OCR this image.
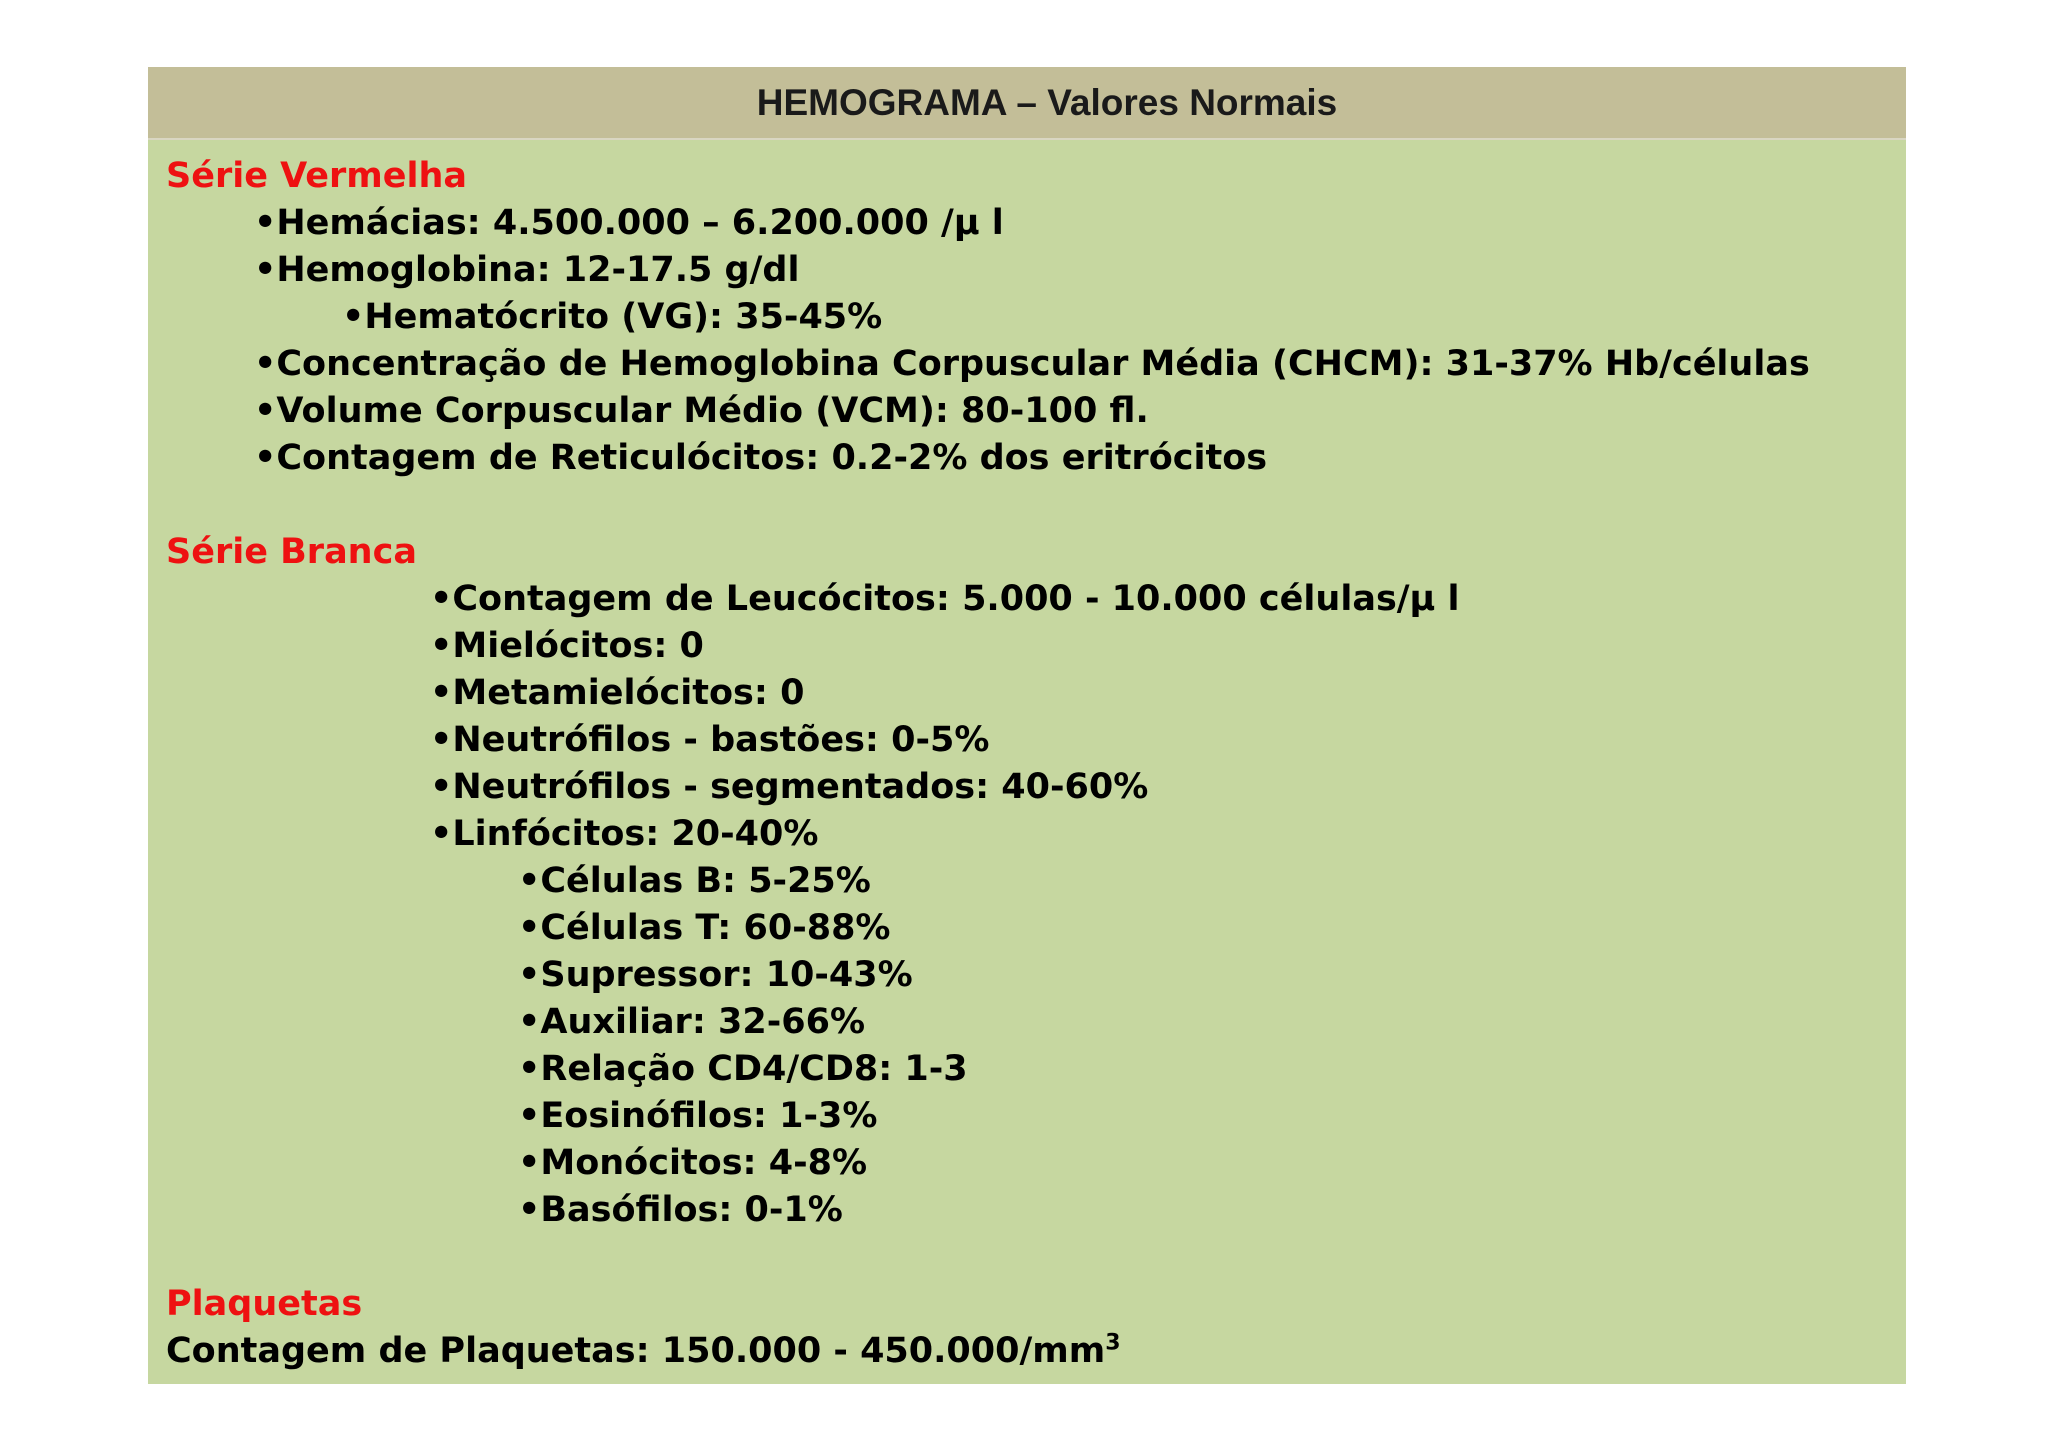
HEMOGRAMA – Valores Normais
Série Vermelha
•Hemácias: 4.500.000 – 6.200.000 /μ l
•Hemoglobina: 12-17.5 g/dl
•Hematócrito (VG): 35-45%
•Concentração de Hemoglobina Corpuscular Média (CHCM): 31-37% Hb/células
•Volume Corpuscular Médio (VCM): 80-100 fl.
•Contagem de Reticulócitos: 0.2-2% dos eritrócitos
Série Branca
•Contagem de Leucócitos: 5.000 - 10.000 células/μ l
•Mielócitos: 0
•Metamielócitos: 0
•Neutrófilos - bastões: 0-5%
•Neutrófilos - segmentados: 40-60%
•Linfócitos: 20-40%
•Células B: 5-25%
•Células T: 60-88%
•Supressor: 10-43%
•Auxiliar: 32-66%
•Relação CD4/CD8: 1-3
•Eosinófilos: 1-3%
•Monócitos: 4-8%
•Basófilos: 0-1%
Plaquetas
Contagem de Plaquetas: $150.000 - 450.000/mm^3$
